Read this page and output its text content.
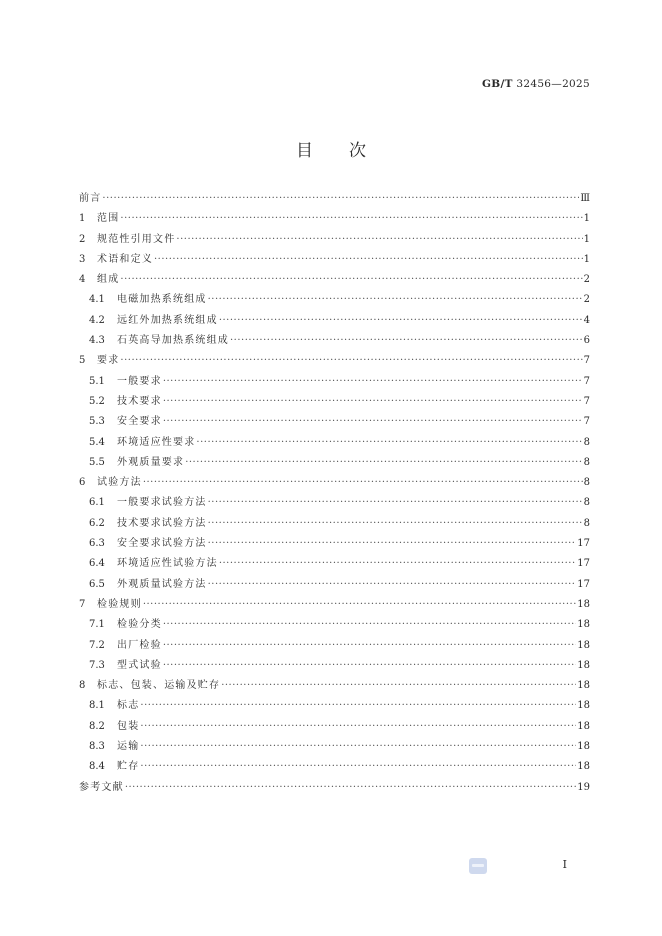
GB/T 32456—2025
目次
前言 ·····	Ⅲ
1	范围 ·····	1
2	规范性引用文件 ·····	1
3	术语和定义 ·····	1
4	组成 ·····	2
4.1	电磁加热系统组成 ·····	2
4.2	远红外加热系统组成 ·····	4
4.3	石英高导加热系统组成 ·····	6
5	要求 ·····	7
5.1	一般要求 ·····	7
5.2	技术要求 ·····	7
5.3	安全要求 ·····	7
5.4	环境适应性要求 ·····	8
5.5	外观质量要求 ·····	8
6	试验方法 ·····	8
6.1	一般要求试验方法 ·····	8
6.2	技术要求试验方法 ·····	8
6.3	安全要求试验方法 ·····	17
6.4	环境适应性试验方法 ·····	17
6.5	外观质量试验方法 ·····	17
7	检验规则 ·····	18
7.1	检验分类 ·····	18
7.2	出厂检验 ·····	18
7.3	型式试验 ·····	18
8	标志、包装、运输及贮存 ·····	18
8.1	标志 ·····	18
8.2	包装 ·····	18
8.3	运输 ·····	18
8.4	贮存 ·····	18
参考文献 ·····	19
Ⅰ
